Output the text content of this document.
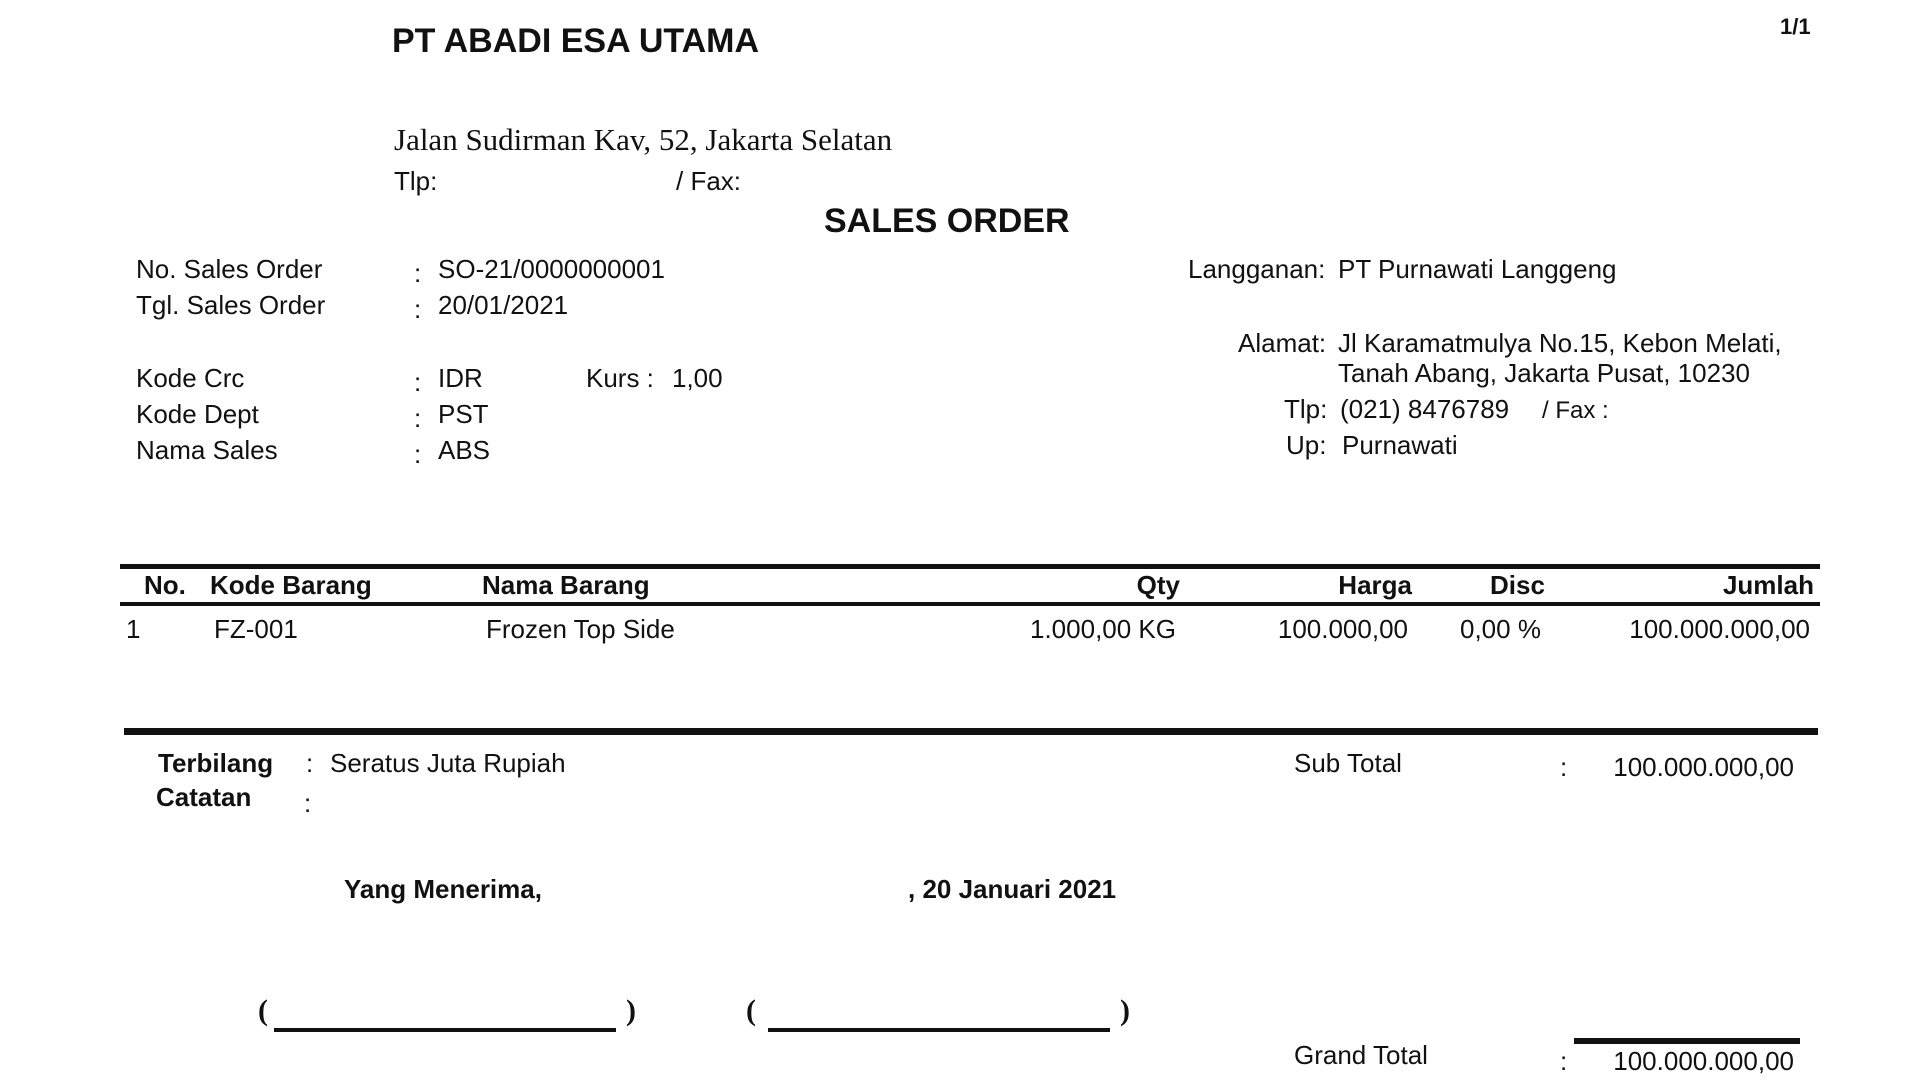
1/1
PT ABADI ESA UTAMA
Jalan Sudirman Kav, 52, Jakarta Selatan
Tlp:	/ Fax:
SALES ORDER
No. Sales Order	: SO-21/0000000001
Tgl. Sales Order	: 20/01/2021
Kode Crc	: IDR	Kurs : 1,00
Kode Dept	: PST
Nama Sales	: ABS
Langganan: PT Purnawati Langgeng
Alamat: Jl Karamatmulya No.15, Kebon Melati,
Tanah Abang, Jakarta Pusat, 10230
Tlp: (021) 8476789 / Fax :
Up: Purnawati
No. Kode Barang	Nama Barang	Qty	Harga	Disc	Jumlah
1	FZ-001	Frozen Top Side	1.000,00 KG	100.000,00 0,00 %	100.000.000,00
Terbilang : Seratus Juta Rupiah
Catatan :
Sub Total	:	100.000.000,00
Yang Menerima,	, 20 Januari 2021
(	)	(	)
Grand Total	:	100.000.000,00
